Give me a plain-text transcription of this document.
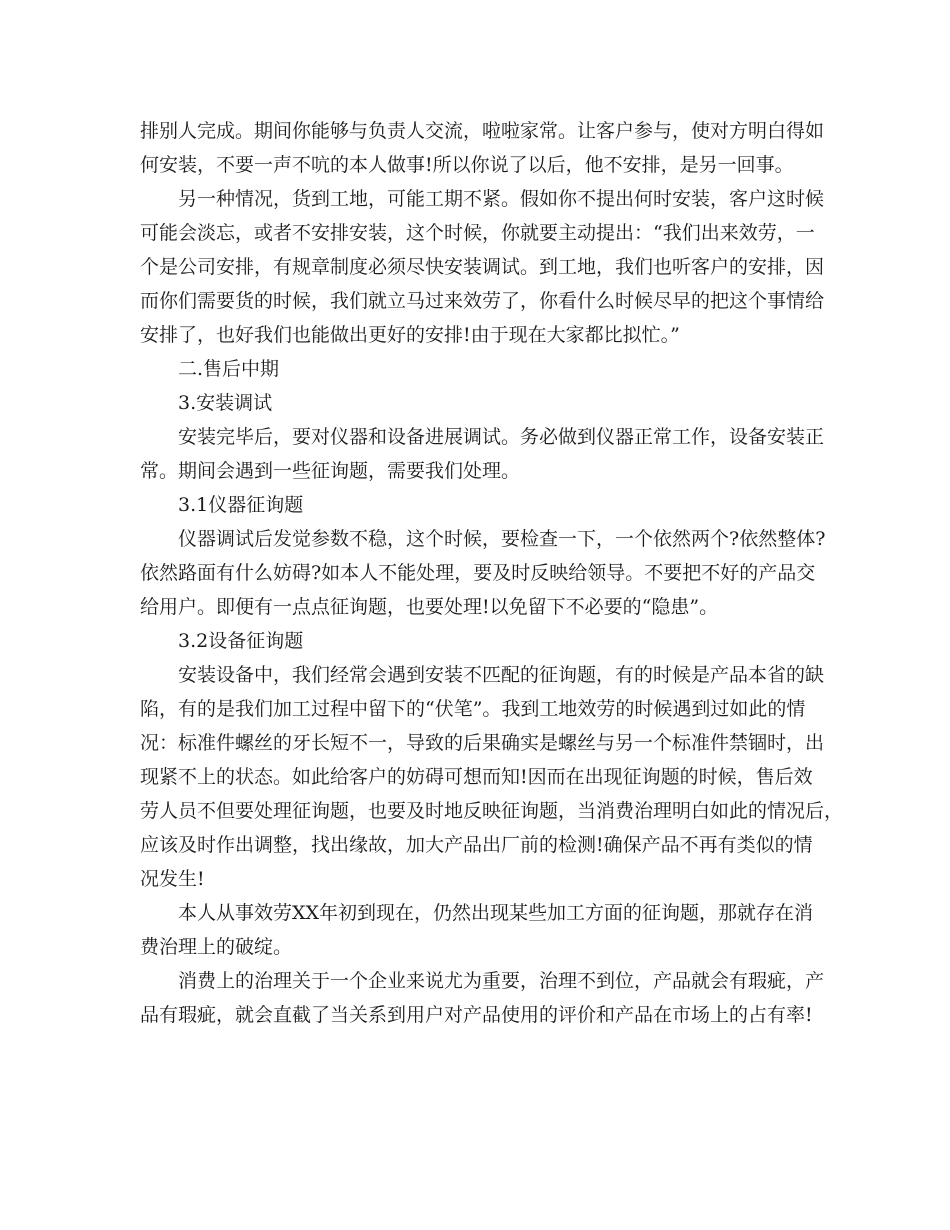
排别人完成。期间你能够与负责人交流，啦啦家常。让客户参与，使对方明白得如
何安装，不要一声不吭的本人做事!所以你说了以后，他不安排，是另一回事。
另一种情况，货到工地，可能工期不紧。假如你不提出何时安装，客户这时候
可能会淡忘，或者不安排安装，这个时候，你就要主动提出：“我们出来效劳，一
个是公司安排，有规章制度必须尽快安装调试。到工地，我们也听客户的安排，因
而你们需要货的时候，我们就立马过来效劳了，你看什么时候尽早的把这个事情给
安排了，也好我们也能做出更好的安排!由于现在大家都比拟忙。”
二.售后中期
3.安装调试
安装完毕后，要对仪器和设备进展调试。务必做到仪器正常工作，设备安装正
常。期间会遇到一些征询题，需要我们处理。
3.1仪器征询题
仪器调试后发觉参数不稳，这个时候，要检查一下，一个依然两个?依然整体?
依然路面有什么妨碍?如本人不能处理，要及时反映给领导。不要把不好的产品交
给用户。即便有一点点征询题，也要处理!以免留下不必要的“隐患”。
3.2设备征询题
安装设备中，我们经常会遇到安装不匹配的征询题，有的时候是产品本省的缺
陷，有的是我们加工过程中留下的“伏笔”。我到工地效劳的时候遇到过如此的情
况：标准件螺丝的牙长短不一，导致的后果确实是螺丝与另一个标准件禁锢时，出
现紧不上的状态。如此给客户的妨碍可想而知!因而在出现征询题的时候，售后效
劳人员不但要处理征询题，也要及时地反映征询题，当消费治理明白如此的情况后，
应该及时作出调整，找出缘故，加大产品出厂前的检测!确保产品不再有类似的情
况发生!
本人从事效劳XX年初到现在，仍然出现某些加工方面的征询题，那就存在消
费治理上的破绽。
消费上的治理关于一个企业来说尤为重要，治理不到位，产品就会有瑕疵，产
品有瑕疵，就会直截了当关系到用户对产品使用的评价和产品在市场上的占有率!
